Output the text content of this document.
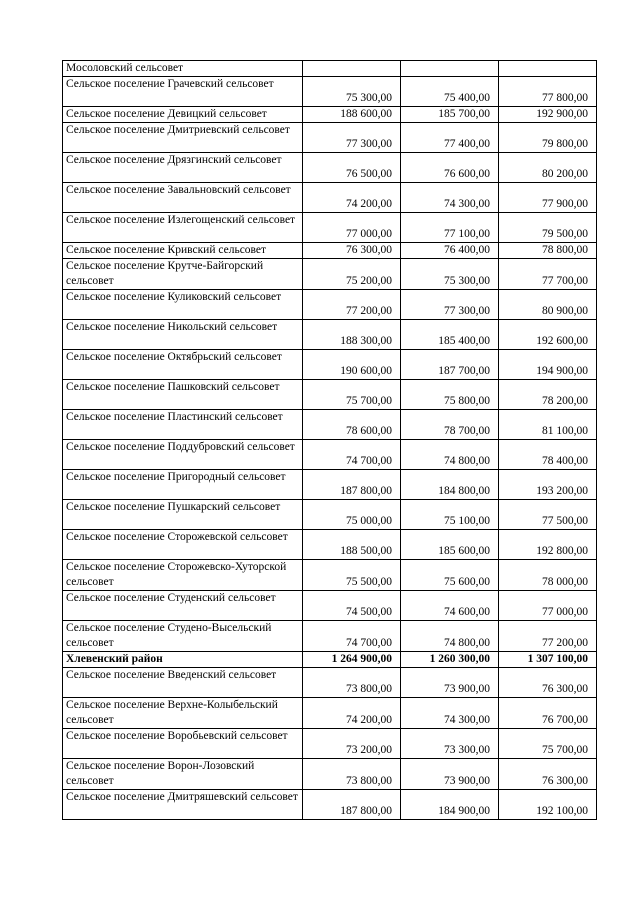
Мосоловский сельсовет			
Сельское поселение Грачевский сельсовет	75 300,00	75 400,00	77 800,00
Сельское поселение Девицкий сельсовет	188 600,00	185 700,00	192 900,00
Сельское поселение Дмитриевский сельсовет	77 300,00	77 400,00	79 800,00
Сельское поселение Дрязгинский сельсовет	76 500,00	76 600,00	80 200,00
Сельское поселение Завальновский сельсовет	74 200,00	74 300,00	77 900,00
Сельское поселение Излегощенский сельсовет	77 000,00	77 100,00	79 500,00
Сельское поселение Кривский сельсовет	76 300,00	76 400,00	78 800,00
Сельское поселение Крутче-Байгорский сельсовет	75 200,00	75 300,00	77 700,00
Сельское поселение Куликовский сельсовет	77 200,00	77 300,00	80 900,00
Сельское поселение Никольский сельсовет	188 300,00	185 400,00	192 600,00
Сельское поселение Октябрьский сельсовет	190 600,00	187 700,00	194 900,00
Сельское поселение Пашковский сельсовет	75 700,00	75 800,00	78 200,00
Сельское поселение Пластинский сельсовет	78 600,00	78 700,00	81 100,00
Сельское поселение Поддубровский сельсовет	74 700,00	74 800,00	78 400,00
Сельское поселение Пригородный сельсовет	187 800,00	184 800,00	193 200,00
Сельское поселение Пушкарский сельсовет	75 000,00	75 100,00	77 500,00
Сельское поселение Сторожевской сельсовет	188 500,00	185 600,00	192 800,00
Сельское поселение Сторожевско-Хуторской сельсовет	75 500,00	75 600,00	78 000,00
Сельское поселение Студенский сельсовет	74 500,00	74 600,00	77 000,00
Сельское поселение Студено-Высельский сельсовет	74 700,00	74 800,00	77 200,00
Хлевенский район	1 264 900,00	1 260 300,00	1 307 100,00
Сельское поселение Введенский сельсовет	73 800,00	73 900,00	76 300,00
Сельское поселение Верхне-Колыбельский сельсовет	74 200,00	74 300,00	76 700,00
Сельское поселение Воробьевский сельсовет	73 200,00	73 300,00	75 700,00
Сельское поселение Ворон-Лозовский сельсовет	73 800,00	73 900,00	76 300,00
Сельское поселение Дмитряшевский сельсовет	187 800,00	184 900,00	192 100,00
